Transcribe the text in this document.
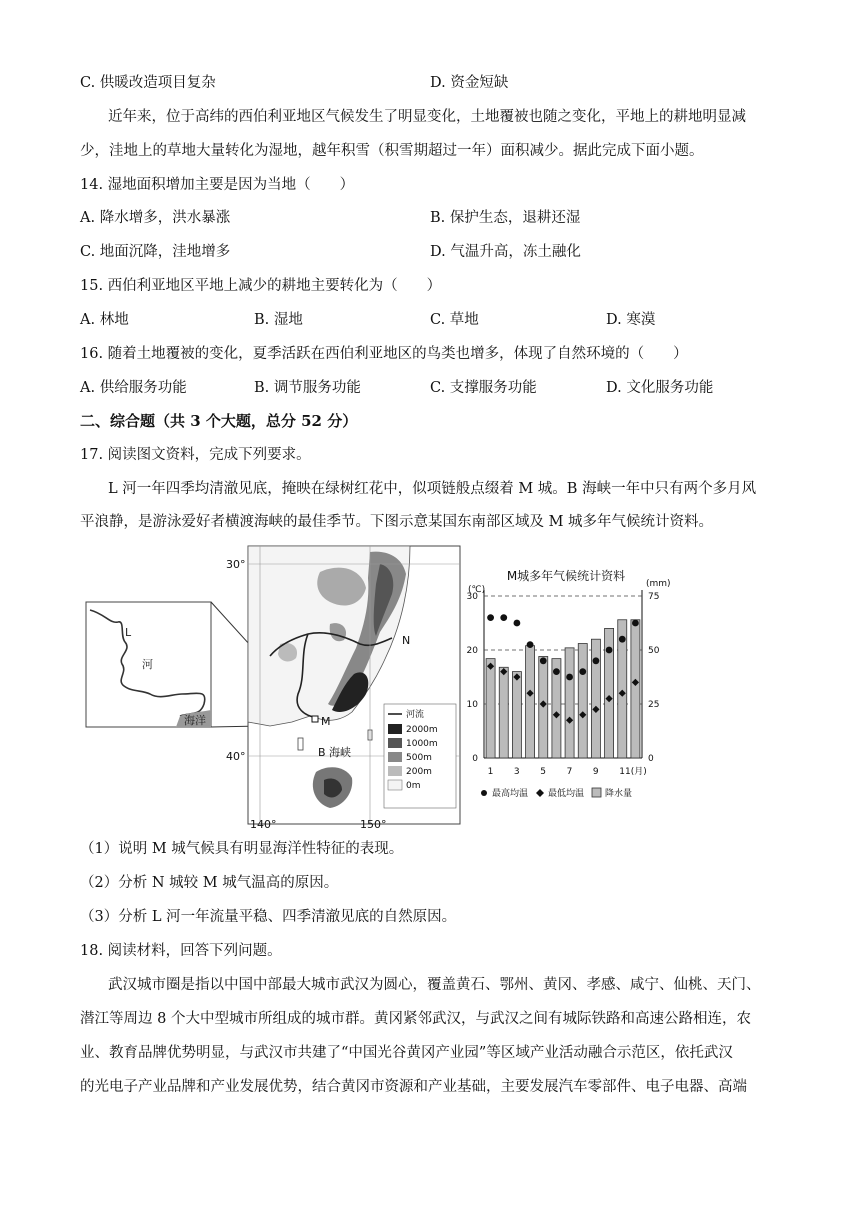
C. 供暖改造项目复杂	D. 资金短缺
近年来，位于高纬的西伯利亚地区气候发生了明显变化，土地覆被也随之变化，平地上的耕地明显减
少，洼地上的草地大量转化为湿地，越年积雪（积雪期超过一年）面积减少。据此完成下面小题。
14. 湿地面积增加主要是因为当地（　　）
A. 降水增多，洪水暴涨	B. 保护生态，退耕还湿
C. 地面沉降，洼地增多	D. 气温升高，冻土融化
15. 西伯利亚地区平地上减少的耕地主要转化为（　　）
A. 林地	B. 湿地	C. 草地	D. 寒漠
16. 随着土地覆被的变化，夏季活跃在西伯利亚地区的鸟类也增多，体现了自然环境的（　　）
A. 供给服务功能	B. 调节服务功能	C. 支撑服务功能	D. 文化服务功能
二、综合题（共 3 个大题，总分 52 分）
17. 阅读图文资料，完成下列要求。
L 河一年四季均清澈见底，掩映在绿树红花中，似项链般点缀着 M 城。B 海峡一年中只有两个多月风
平浪静，是游泳爱好者横渡海峡的最佳季节。下图示意某国东南部区域及 M 城多年气候统计资料。
L
河
海洋	M
N
B 海峡
30°
40°
140°	150°
河流
2000m
1000m
500m
200m
0m
M城多年气候统计资料
(℃)
(mm)
0
10
20
30
0
25
50
75
1 3 5 7 9 11(月)
最高均温 最低均温 降水量
（1）说明 M 城气候具有明显海洋性特征的表现。
（2）分析 N 城较 M 城气温高的原因。
（3）分析 L 河一年流量平稳、四季清澈见底的自然原因。
18. 阅读材料，回答下列问题。
武汉城市圈是指以中国中部最大城市武汉为圆心，覆盖黄石、鄂州、黄冈、孝感、咸宁、仙桃、天门、
潜江等周边 8 个大中型城市所组成的城市群。黄冈紧邻武汉，与武汉之间有城际铁路和高速公路相连，农
业、教育品牌优势明显，与武汉市共建了“中国光谷黄冈产业园”等区域产业活动融合示范区，依托武汉
的光电子产业品牌和产业发展优势，结合黄冈市资源和产业基础，主要发展汽车零部件、电子电器、高端
